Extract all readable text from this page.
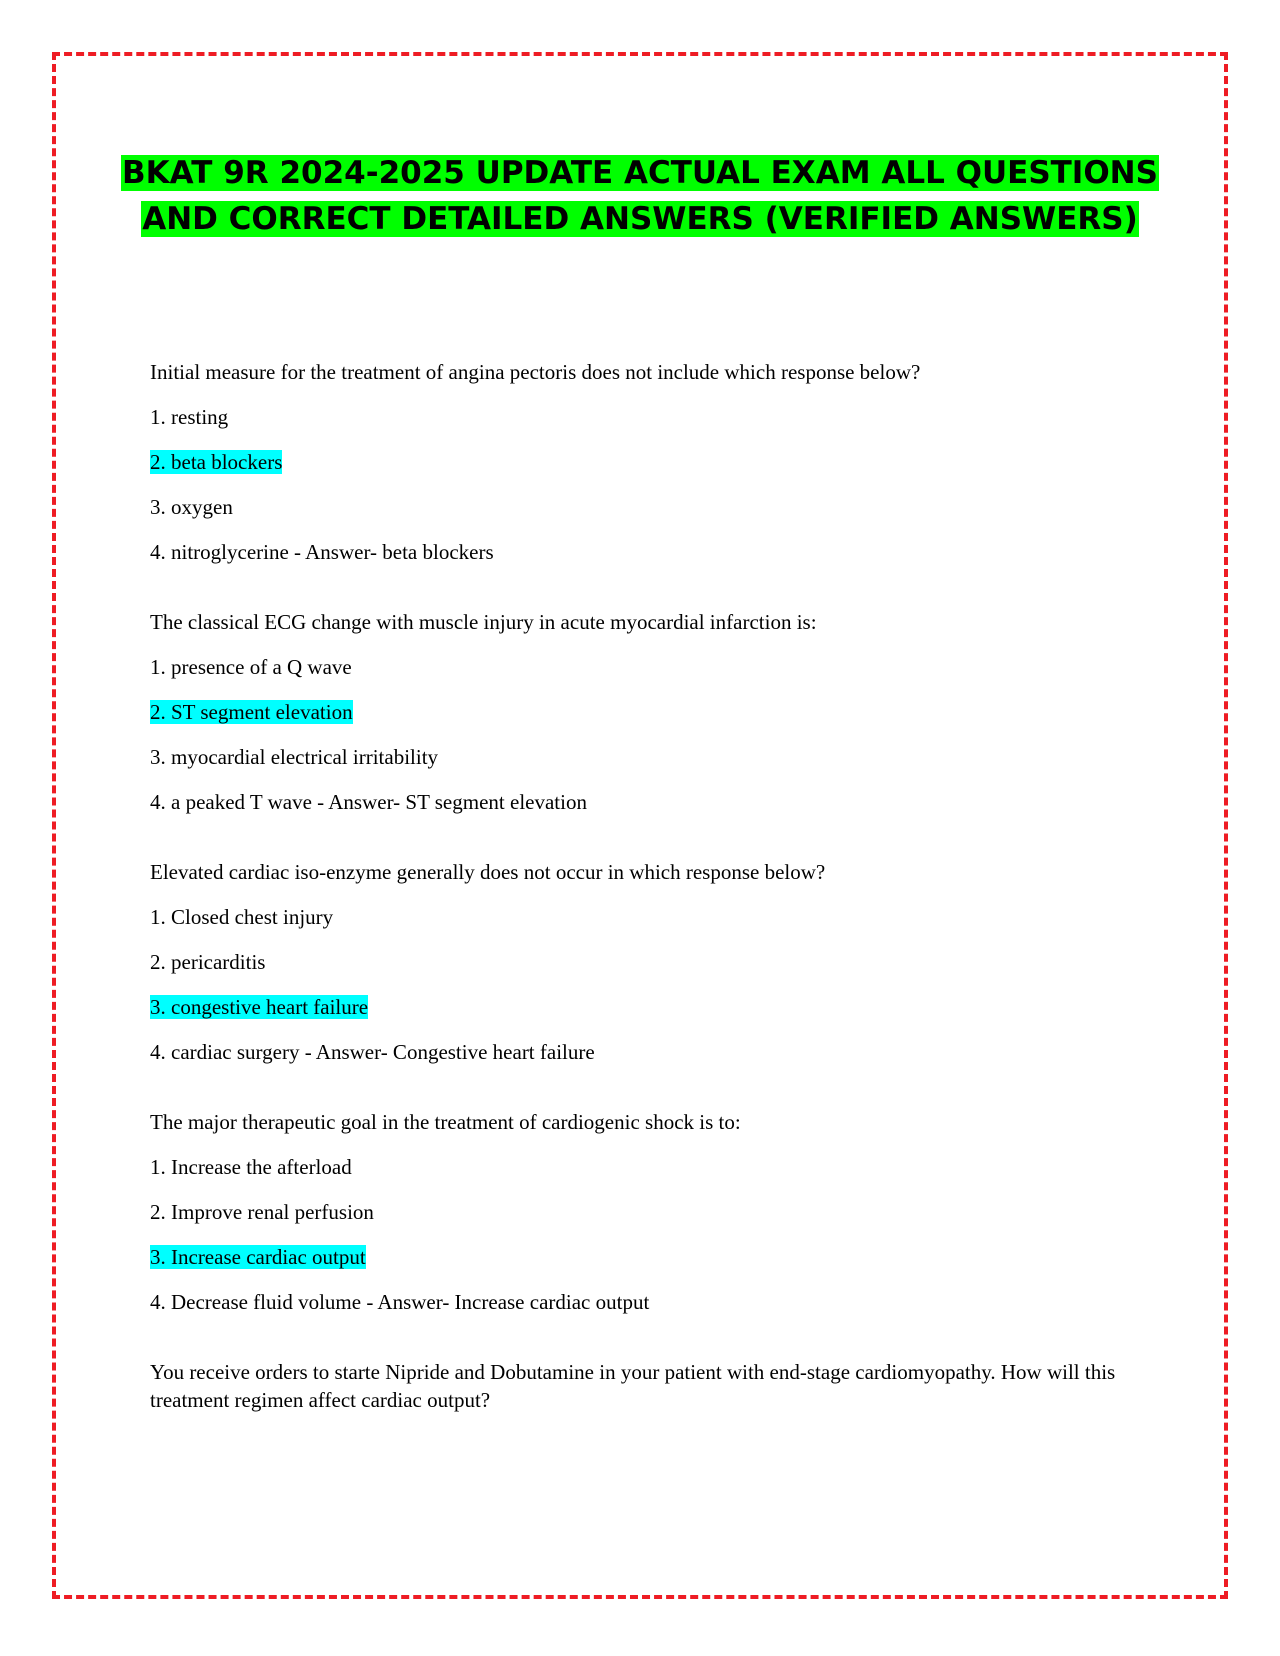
BKAT 9R 2024-2025 UPDATE ACTUAL EXAM ALL QUESTIONS AND CORRECT DETAILED ANSWERS (VERIFIED ANSWERS)

Initial measure for the treatment of angina pectoris does not include which response below?

1. resting

2. beta blockers

3. oxygen

4. nitroglycerine - Answer- beta blockers

The classical ECG change with muscle injury in acute myocardial infarction is:

1. presence of a Q wave

2. ST segment elevation

3. myocardial electrical irritability

4. a peaked T wave - Answer- ST segment elevation

Elevated cardiac iso-enzyme generally does not occur in which response below?

1. Closed chest injury

2. pericarditis

3. congestive heart failure

4. cardiac surgery - Answer- Congestive heart failure

The major therapeutic goal in the treatment of cardiogenic shock is to:

1. Increase the afterload

2. Improve renal perfusion

3. Increase cardiac output

4. Decrease fluid volume - Answer- Increase cardiac output

You receive orders to starte Nipride and Dobutamine in your patient with end-stage cardiomyopathy. How will this treatment regimen affect cardiac output?
